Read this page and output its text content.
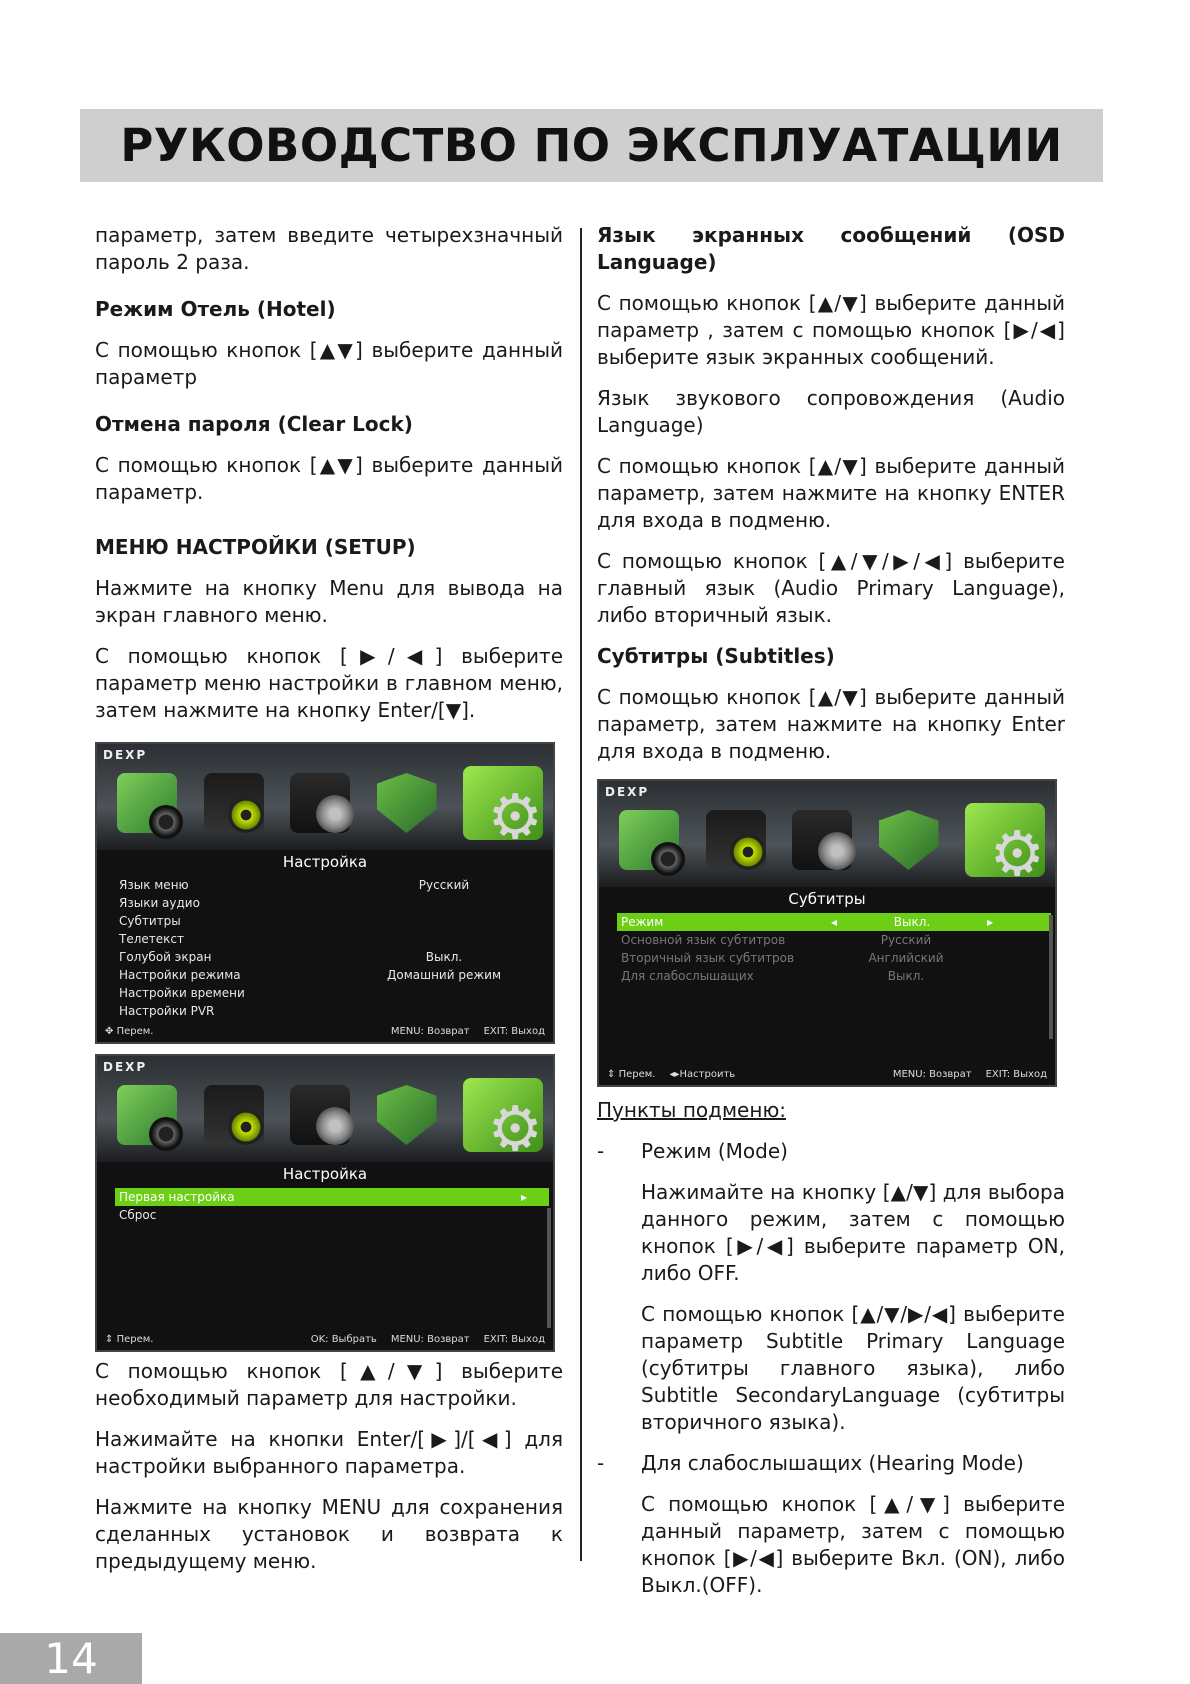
РУКОВОДСТВО ПО ЭКСПЛУАТАЦИИ

параметр, затем введите четырехзначный пароль 2 раза.

Режим Отель (Hotel)

С помощью кнопок [▲▼] выберите данный параметр

Отмена пароля (Clear Lock)

С помощью кнопок [▲▼] выберите данный параметр.

МЕНЮ НАСТРОЙКИ (SETUP)

Нажмите на кнопку Menu для вывода на экран главного меню.

С помощью кнопок [▶/◀] выберите параметр меню настройки в главном меню, затем нажмите на кнопку Enter/[▼].

DEXP
⚙
Настройка
Язык меню	Русский
Языки аудио
Субтитры
Телетекст
Голубой экран	Выкл.
Настройки режима	Домашний режим
Настройки времени
Настройки PVR
✥ Перем.	MENU: Возврат EXIT: Выход
DEXP
⚙
Настройка
Первая настройка	▸
Сброс
⇕ Перем.	OK: Выбрать MENU: Возврат EXIT: Выход

С помощью кнопок [▲/▼] выберите необходимый параметр для настройки.

Нажимайте на кнопки Enter/[▶]/[◀] для настройки выбранного параметра.

Нажмите на кнопку MENU для сохранения сделанных установок и возврата к предыдущему меню.

Язык экранных сообщений (OSD Language)

С помощью кнопок [▲/▼] выберите данный параметр , затем с помощью кнопок [▶/◀] выберите язык экранных сообщений.

Язык звукового сопровождения (Audio Language)

С помощью кнопок [▲/▼] выберите данный параметр, затем нажмите на кнопку ENTER для входа в подменю.

С помощью кнопок [▲/▼/▶/◀] выберите главный язык (Audio Primary Language), либо вторичный язык.

Субтитры (Subtitles)

С помощью кнопок [▲/▼] выберите данный параметр, затем нажмите на кнопку Enter для входа в подменю.

DEXP
⚙
Субтитры
Режим	◂	Выкл.	▸
Основной язык субтитров	Русский
Вторичный язык субтитров	Английский
Для слабослышащих	Выкл.
⇕ Перем. ◂▸Настроить	MENU: Возврат EXIT: Выход

Пункты подменю:

-	Режим (Mode)

Нажимайте на кнопку [▲/▼] для выбора данного режим, затем с помощью кнопок [▶/◀] выберите параметр ON, либо OFF.

С помощью кнопок [▲/▼/▶/◀] выберите параметр Subtitle Primary Language (субтитры главного языка), либо Subtitle SecondaryLanguage (субтитры вторичного языка).

-	Для слабослышащих (Hearing Mode)

С помощью кнопок [▲/▼] выберите данный параметр, затем с помощью кнопок [▶/◀] выберите Вкл. (ON), либо Выкл.(OFF).

14
